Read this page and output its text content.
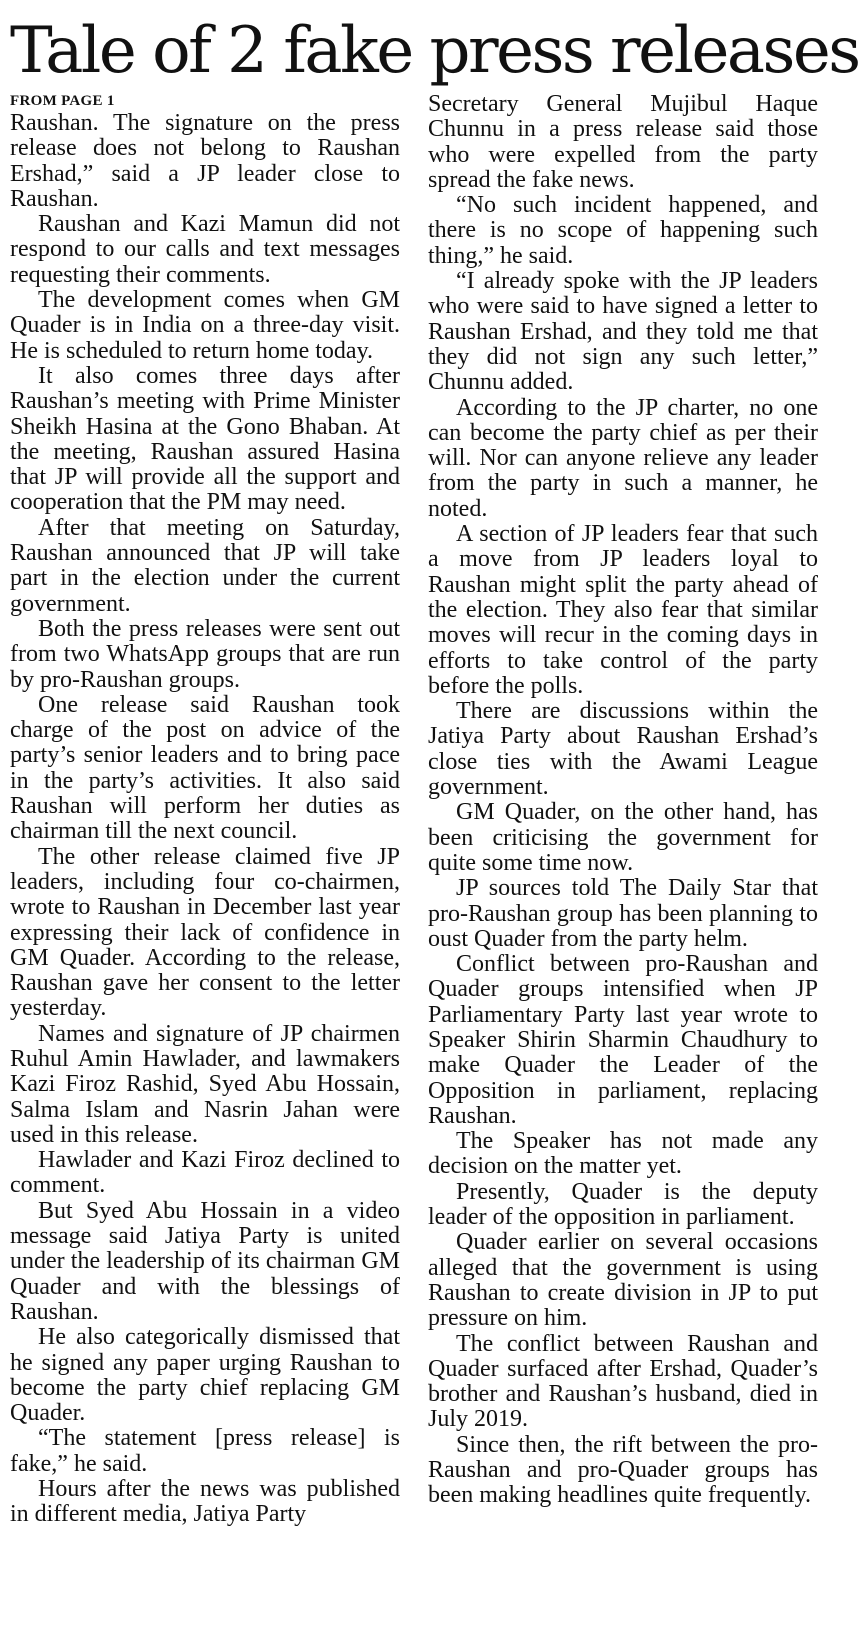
Tale of 2 fake press releases
FROM PAGE 1

Raushan. The signature on the press release does not belong to Raushan Ershad,” said a JP leader close to Raushan.

Raushan and Kazi Mamun did not respond to our calls and text messages requesting their comments.

The development comes when GM Quader is in India on a three-day visit. He is scheduled to return home today.

It also comes three days after Raushan’s meeting with Prime Minister Sheikh Hasina at the Gono Bhaban. At the meeting, Raushan assured Hasina that JP will provide all the support and cooperation that the PM may need.

After that meeting on Saturday, Raushan announced that JP will take part in the election under the current government.

Both the press releases were sent out from two WhatsApp groups that are run by pro-Raushan groups.

One release said Raushan took charge of the post on advice of the party’s senior leaders and to bring pace in the party’s activities. It also said Raushan will perform her duties as chairman till the next council.

The other release claimed five JP leaders, including four co-chairmen, wrote to Raushan in December last year expressing their lack of confidence in GM Quader. According to the release, Raushan gave her consent to the letter yesterday.

Names and signature of JP chairmen Ruhul Amin Hawlader, and lawmakers Kazi Firoz Rashid, Syed Abu Hossain, Salma Islam and Nasrin Jahan were used in this release.

Hawlader and Kazi Firoz declined to comment.

But Syed Abu Hossain in a video message said Jatiya Party is united under the leadership of its chairman GM Quader and with the blessings of Raushan.

He also categorically dismissed that he signed any paper urging Raushan to become the party chief replacing GM Quader.

“The statement [press release] is fake,” he said.

Hours after the news was published in different media, Jatiya Party

Secretary General Mujibul Haque Chunnu in a press release said those who were expelled from the party spread the fake news.

“No such incident happened, and there is no scope of happening such thing,” he said.

“I already spoke with the JP leaders who were said to have signed a letter to Raushan Ershad, and they told me that they did not sign any such letter,” Chunnu added.

According to the JP charter, no one can become the party chief as per their will. Nor can anyone relieve any leader from the party in such a manner, he noted.

A section of JP leaders fear that such a move from JP leaders loyal to Raushan might split the party ahead of the election. They also fear that similar moves will recur in the coming days in efforts to take control of the party before the polls.

There are discussions within the Jatiya Party about Raushan Ershad’s close ties with the Awami League government.

GM Quader, on the other hand, has been criticising the government for quite some time now.

JP sources told The Daily Star that pro-Raushan group has been planning to oust Quader from the party helm.

Conflict between pro-Raushan and Quader groups intensified when JP Parliamentary Party last year wrote to Speaker Shirin Sharmin Chaudhury to make Quader the Leader of the Opposition in parliament, replacing Raushan.

The Speaker has not made any decision on the matter yet.

Presently, Quader is the deputy leader of the opposition in parliament.

Quader earlier on several occasions alleged that the government is using Raushan to create division in JP to put pressure on him.

The conflict between Raushan and Quader surfaced after Ershad, Quader’s brother and Raushan’s husband, died in July 2019.

Since then, the rift between the pro-Raushan and pro-Quader groups has been making headlines quite frequently.
